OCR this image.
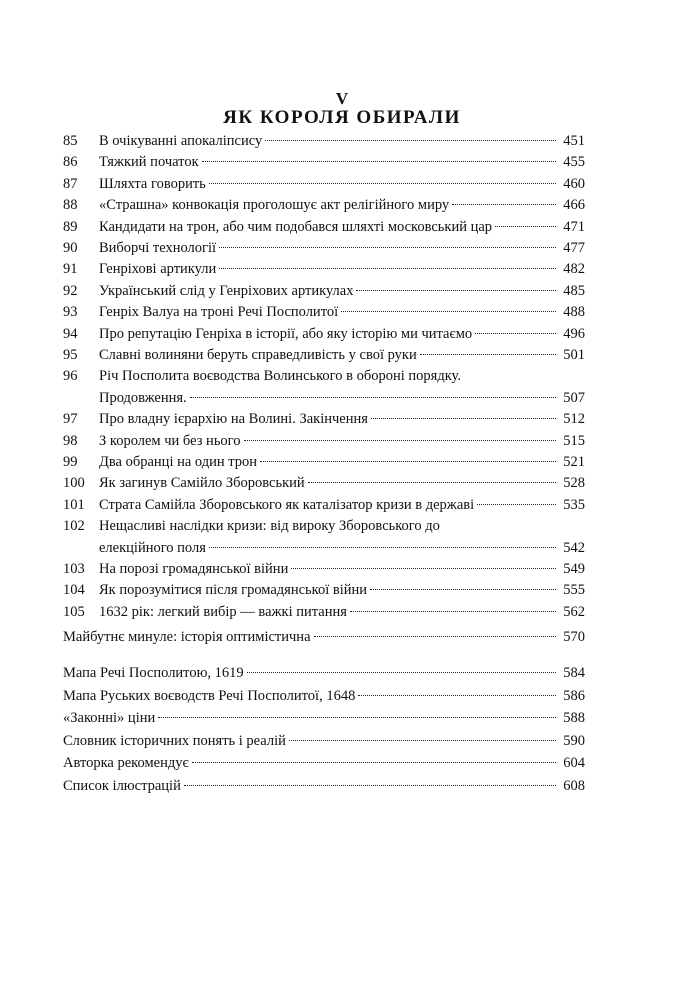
V
ЯК КОРОЛЯ ОБИРАЛИ
85	В очікуванні апокаліпсису	451
86	Тяжкий початок	455
87	Шляхта говорить	460
88	«Страшна» конвокація проголошує акт релігійного миру	466
89	Кандидати на трон, або чим подобався шляхті московський цар	471
90	Виборчі технології	477
91	Генріхові артикули	482
92	Український слід у Генріхових артикулах	485
93	Генріх Валуа на троні Речі Посполитої	488
94	Про репутацію Генріха в історії, або яку історію ми читаємо	496
95	Славні волиняни беруть справедливість у свої руки	501
96	Річ Посполита воєводства Волинського в обороні порядку.
Продовження.	507
97	Про владну ієрархію на Волині. Закінчення	512
98	З королем чи без нього	515
99	Два обранці на один трон	521
100 Як загинув Самійло Зборовський	528
101 Страта Самійла Зборовського як каталізатор кризи в державі	535
102 Нещасливі наслідки кризи: від вироку Зборовського до
елекційного поля	542
103 На порозі громадянської війни	549
104 Як порозумітися після громадянської війни	555
105 1632 рік: легкий вибір — важкі питання	562
Майбутнє минуле: історія оптимістична	570
Мапа Речі Посполитою, 1619	584
Мапа Руських воєводств Речі Посполитої, 1648	586
«Законні» ціни	588
Словник історичних понять і реалій	590
Авторка рекомендує	604
Список ілюстрацій	608
